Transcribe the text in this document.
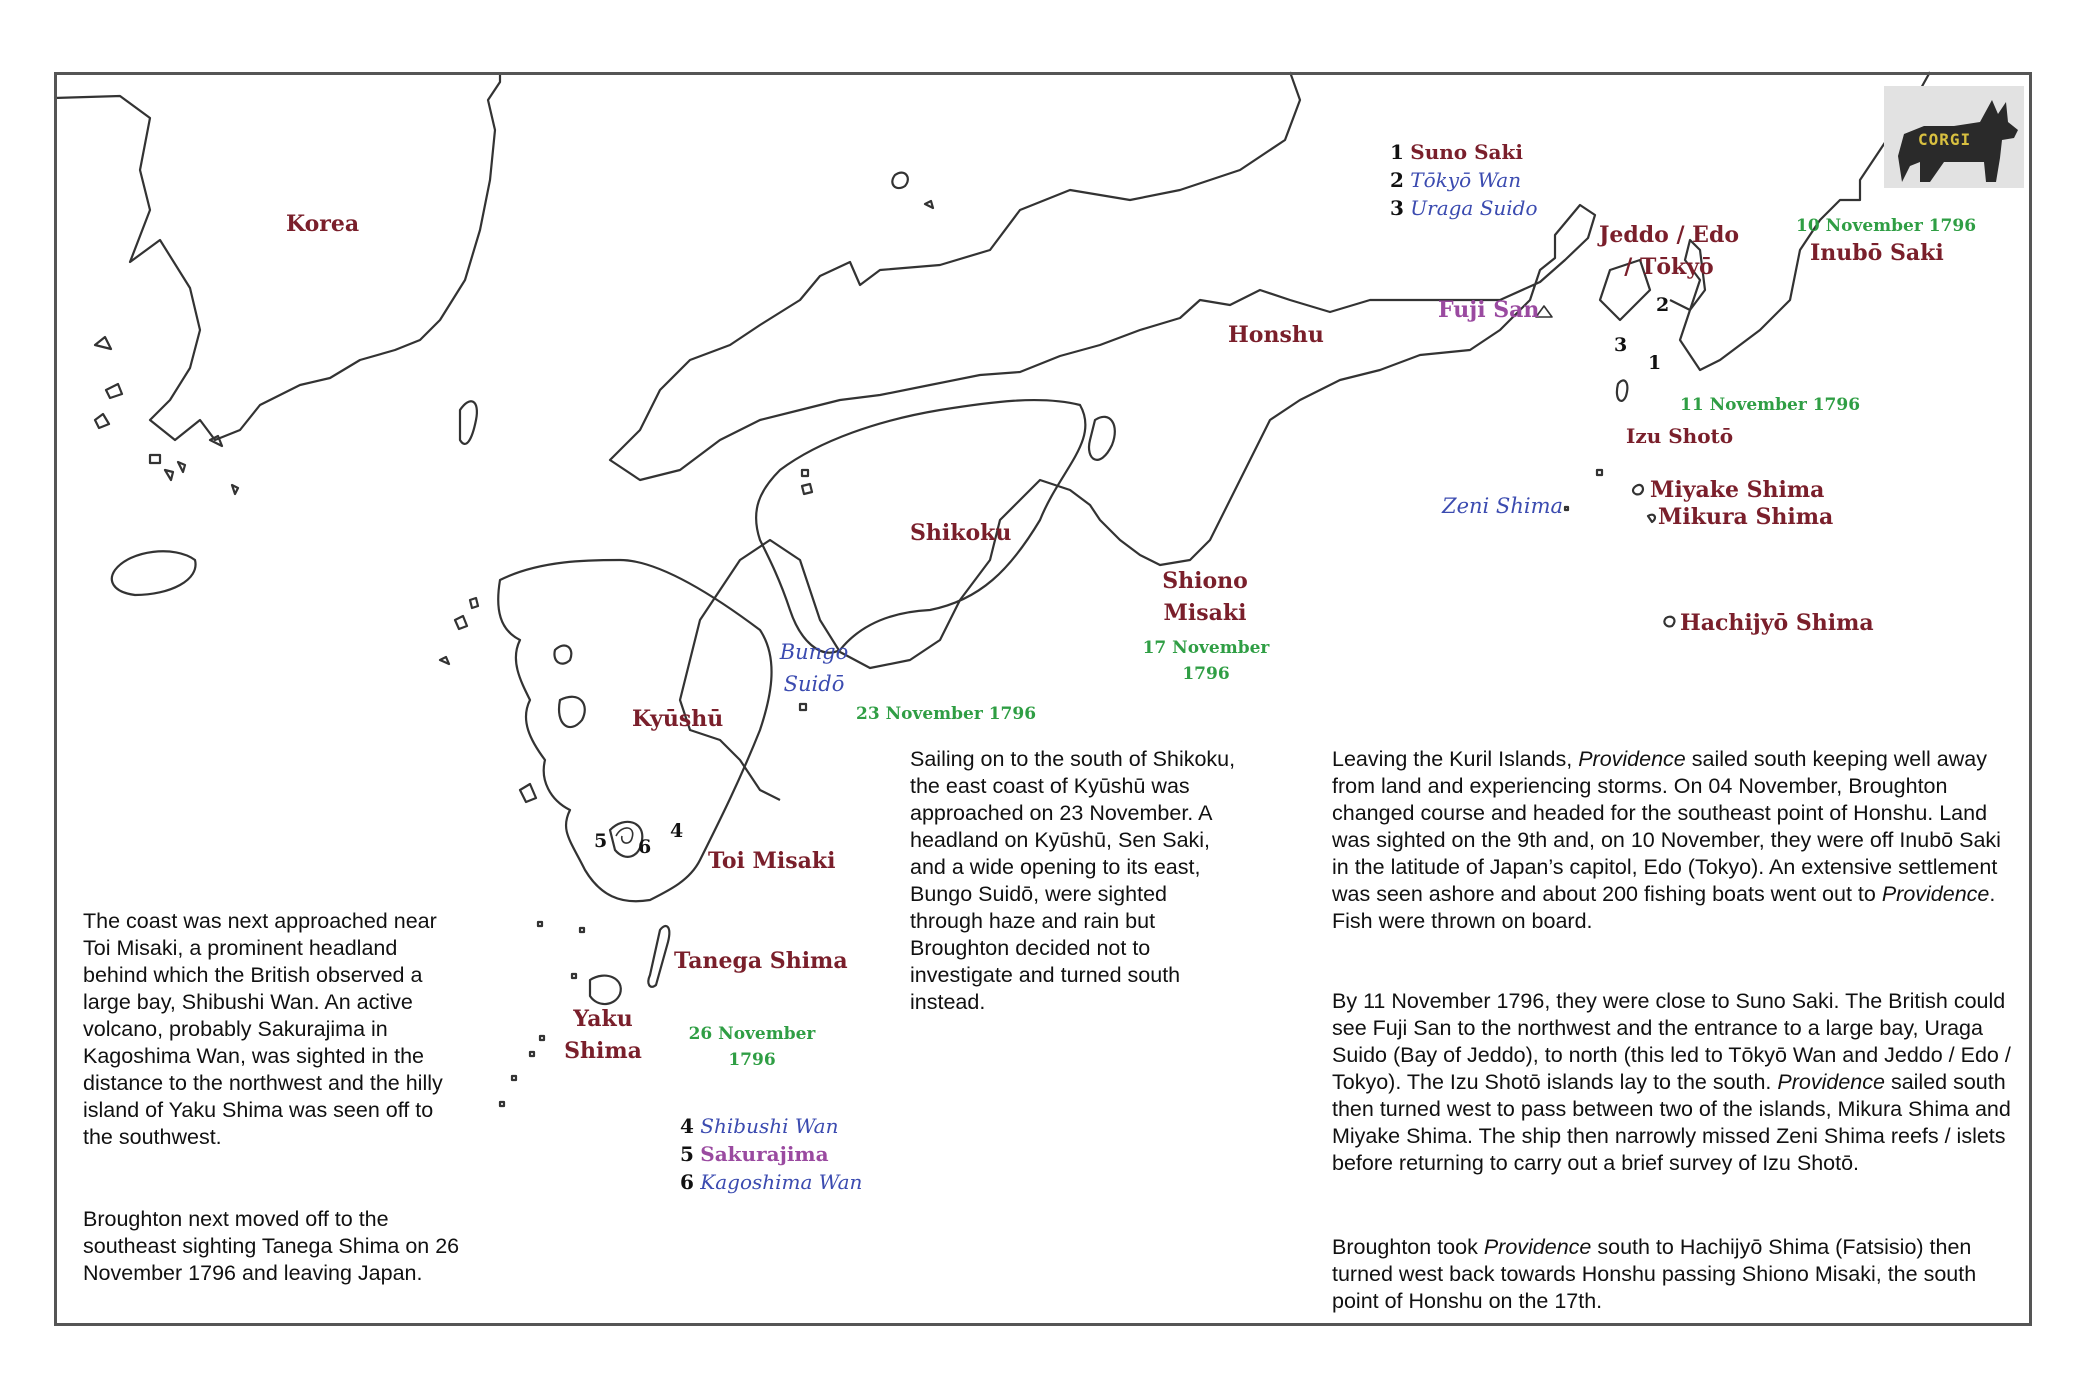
CORGI
Korea
Honshu
Shikoku
Kyūshū
Jeddo / Edo
/ Tōkyō
Fuji San
Inubō Saki
Izu Shotō
Miyake Shima
Mikura Shima
Hachijyō Shima
Zeni Shima
Shiono
Misaki
Bungo
Suidō
Toi Misaki
Tanega Shima
Yaku
Shima
10 November 1796
11 November 1796
17 November
1796
23 November 1796
26 November
1796
1
2
3
4
5 6
1 Suno Saki
2 Tōkyō Wan
3 Uraga Suido
4 Shibushi Wan
5 Sakurajima
6 Kagoshima Wan

The coast was next approached near Toi Misaki, a prominent headland behind which the British observed a large bay, Shibushi Wan. An active volcano, probably Sakurajima in Kagoshima Wan, was sighted in the distance to the northwest and the hilly island of Yaku Shima was seen off to the southwest.

Broughton next moved off to the southeast sighting Tanega Shima on 26 November 1796 and leaving Japan.

Sailing on to the south of Shikoku, the east coast of Kyūshū was approached on 23 November. A headland on Kyūshū, Sen Saki, and a wide opening to its east, Bungo Suidō, were sighted through haze and rain but Broughton decided not to investigate and turned south instead.

Leaving the Kuril Islands, Providence sailed south keeping well away from land and experiencing storms. On 04 November, Broughton changed course and headed for the southeast point of Honshu. Land was sighted on the 9th and, on 10 November, they were off Inubō Saki in the latitude of Japan’s capitol, Edo (Tokyo). An extensive settlement was seen ashore and about 200 fishing boats went out to Providence. Fish were thrown on board.

By 11 November 1796, they were close to Suno Saki. The British could see Fuji San to the northwest and the entrance to a large bay, Uraga Suido (Bay of Jeddo), to north (this led to Tōkyō Wan and Jeddo / Edo / Tokyo). The Izu Shotō islands lay to the south. Providence sailed south then turned west to pass between two of the islands, Mikura Shima and Miyake Shima. The ship then narrowly missed Zeni Shima reefs / islets before returning to carry out a brief survey of Izu Shotō.

Broughton took Providence south to Hachijyō Shima (Fatsisio) then turned west back towards Honshu passing Shiono Misaki, the south point of Honshu on the 17th.
